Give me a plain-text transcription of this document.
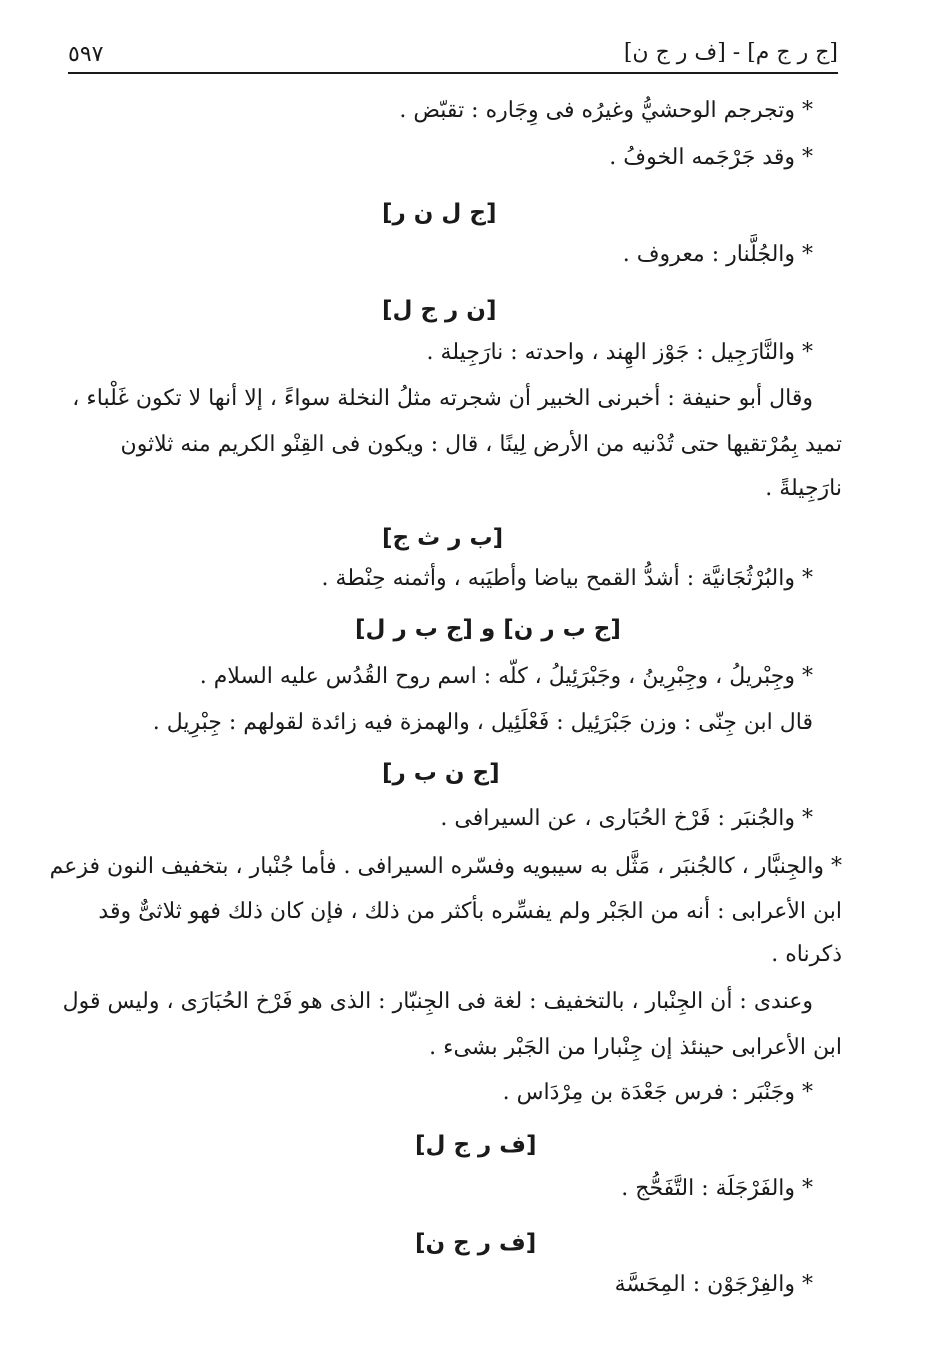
٥٩٧	[ج ر ج م] - [ف ر ج ن]
* وتجرجم الوحشيُّ وغيرُه فى وِجَاره : تقبّض .
* وقد جَرْجَمه الخوفُ .
[ج ل ن ر]
* والجُلَّنار : معروف .
[ن ر ج ل]
* والنَّارَجِيل : جَوْز الهِند ، واحدته : نارَجِيلة .
وقال أبو حنيفة : أخبرنى الخبير أن شجرته مثلُ النخلة سواءً ، إلا أنها لا تكون غَلْباء ،
تميد بِمُرْتقيها حتى تُدْنيه من الأرض لِينًا ، قال : ويكون فى القِنْو الكريم منه ثلاثون
نارَجِيلةً .
[ب ر ث ج]
* والبُرْثُجَانيَّة : أشدُّ القمح بياضا وأطيَبه ، وأثمنه حِنْطة .
[ج ب ر ن] و [ج ب ر ل]
* وجِبْريلُ ، وجِبْرِينُ ، وجَبْرَئِيلُ ، كلّه : اسم روح القُدُس عليه السلام .
قال ابن جِنّى : وزن جَبْرَئِيل : فَعْلَئِيل ، والهمزة فيه زائدة لقولهم : جِبْرِيل .
[ج ن ب ر]
* والجُنبَر : فَرْخ الحُبَارى ، عن السيرافى .
* والجِنبَّار ، كالجُنبَر ، مَثَّل به سيبويه وفسّره السيرافى . فأما جُنْبار ، بتخفيف النون فزعم
ابن الأعرابى : أنه من الجَبْر ولم يفسِّره بأكثر من ذلك ، فإن كان ذلك فهو ثلاثىٌّ وقد
ذكرناه .
وعندى : أن الجِنْبار ، بالتخفيف : لغة فى الجِنبّار : الذى هو فَرْخ الحُبَارَى ، وليس قول
ابن الأعرابى حينئذ إن جِنْبارا من الجَبْر بشىء .
* وجَنْبَر : فرس جَعْدَة بن مِرْدَاس .
[ف ر ج ل]
* والفَرْجَلَة : التَّفَحُّج .
[ف ر ج ن]
* والفِرْجَوْن : المِحَسَّة
